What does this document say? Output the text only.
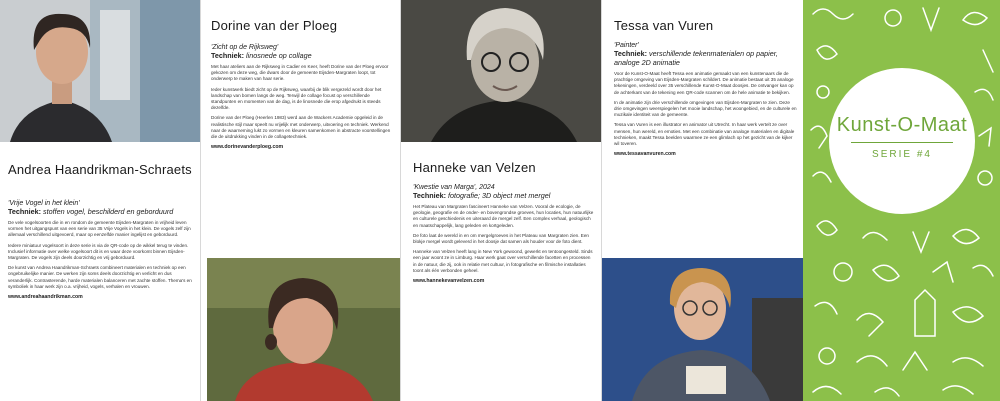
Andrea Haandrikman-Schraets
'Vrije Vogel in het klein'
Techniek: stoffen vogel, beschilderd en geborduurd

De vele vogelsoorten die in en rondom de gemeente Eijsden-Margraten in vrijheid leven vormen het uitgangspunt van een serie van 35 Vrije Vogels in het klein. De vogels zelf zijn allemaal verschillend uitgevoerd, maar op eenzelfde manier ingelijst en geborduurd.

Iedere miniatuur vogelsoort in deze serie is via de QR-code op de wikkel terug te vinden. Inclusief informatie over welke vogelsoort dit is en waar deze voorkomt binnen Eijsden-Margraten. De vogels zijn deels doorzichtig en vrij geborduurd.

De kunst van Andrea Haandrikman-Schraets combineert materialen en techniek op een ongebruikelijke manier. De werken zijn soms deels doorzichtig en verlicht en dus veranderlijk. Contrasterende, harde materialen balanceren met zachte stoffen. Thema's en symboliek in haar werk zijn o.a. vrijheid, vogels, verhalen en vrouwen.

www.andreahaandrikman.com
Dorine van der Ploeg
'Zicht op de Rijksweg'
Techniek: linosnede op collage

Met haar ateliers aan de Rijksweg in Cadier en Keer, heeft Dorine van der Ploeg ervoor gekozen om deze weg, die dwars door de gemeente Eijsden-Margraten loopt, tot onderwerp te maken van haar serie.

Ieder kunstwerk biedt zicht op de Rijksweg, waarbij de blik vergezeld wordt door het landschap van bomen langs de weg. Terwijl de collage focust op verschillende standpunten en momenten van de dag, is de linosnede die erop afgedrukt is steeds dezelfde.

Dorine van der Ploeg (Heerlen 1983) werd aan de Wackers Academie opgeleid in de realistische stijl maar speelt nu vrijelijk met onderwerp, uitvoering en techniek. Werkend naar de waarneming lukt zo vormen en kleuren samenkomen in abstracte voorstellingen die de uitdrukking vinden in de collagetechniek.

www.dorinevanderploeg.com
Hanneke van Velzen
'Kwestie van Marga', 2024
Techniek: fotografie; 3D object met mergel

Het Plateau van Margraten fascineert Hanneke van Velzen. Vooral de ecologie, de geologie, geografie en de onder- en bovengrondse groeves, hun locaties, hun natuurlijke en culturele geschiedenis en uiteraard de mergel zelf. Een complex verhaal, geologisch en maatschappelijk, lang geleden en kortgeleden.

De foto laat de wereld in en om mergelgroeves in het Plateau van Margraten zien. Een blokje mergel wordt geleverd in het doosje dat samen als houder voor de foto dient.

Hanneke van Velzen heeft lang in New York gewoond, gewerkt en tentoongesteld. Sinds een jaar woont ze in Limburg. Haar werk gaat over verschillende facetten en processen in de natuur, die zij, ook in relatie met cultuur, in fotografische en filmische installaties toont als één verbonden geheel.

www.hannekevanvelzen.com
Tessa van Vuren
'Painter'
Techniek: verschillende tekenmaterialen op papier, analoge 2D animatie

Voor de Kunst-O-Maat heeft Tessa een animatie gemaakt van een kunstenaars die de prachtige omgeving van Eijsden-Margraten schildert. De animatie bestaat uit 35 analoge tekeningen, verdeeld over 35 verschillende Kunst-O-Maat doosjes. De ontvanger kan op de achterkant van de tekening een QR-code scannen om de hele animatie te bekijken.

In de animatie zijn drie verschillende omgevingen van Eijsden-Margraten te zien. Deze drie omgevingen weerspiegelen het mooie landschap, het woongebied, en de culturele en muzikale identiteit van de gemeente.

Tessa van Vuren is een illustrator en animator uit Utrecht. In haar werk vertelt ze over mensen, hun wereld, en emoties. Met een combinatie van analoge materialen en digitale technieken, maakt Tessa beelden waarmee ze een glimlach op het gezicht van de kijker wil toveren.

www.tessavanvuren.com
Kunst-O-Maat
SERIE #4
